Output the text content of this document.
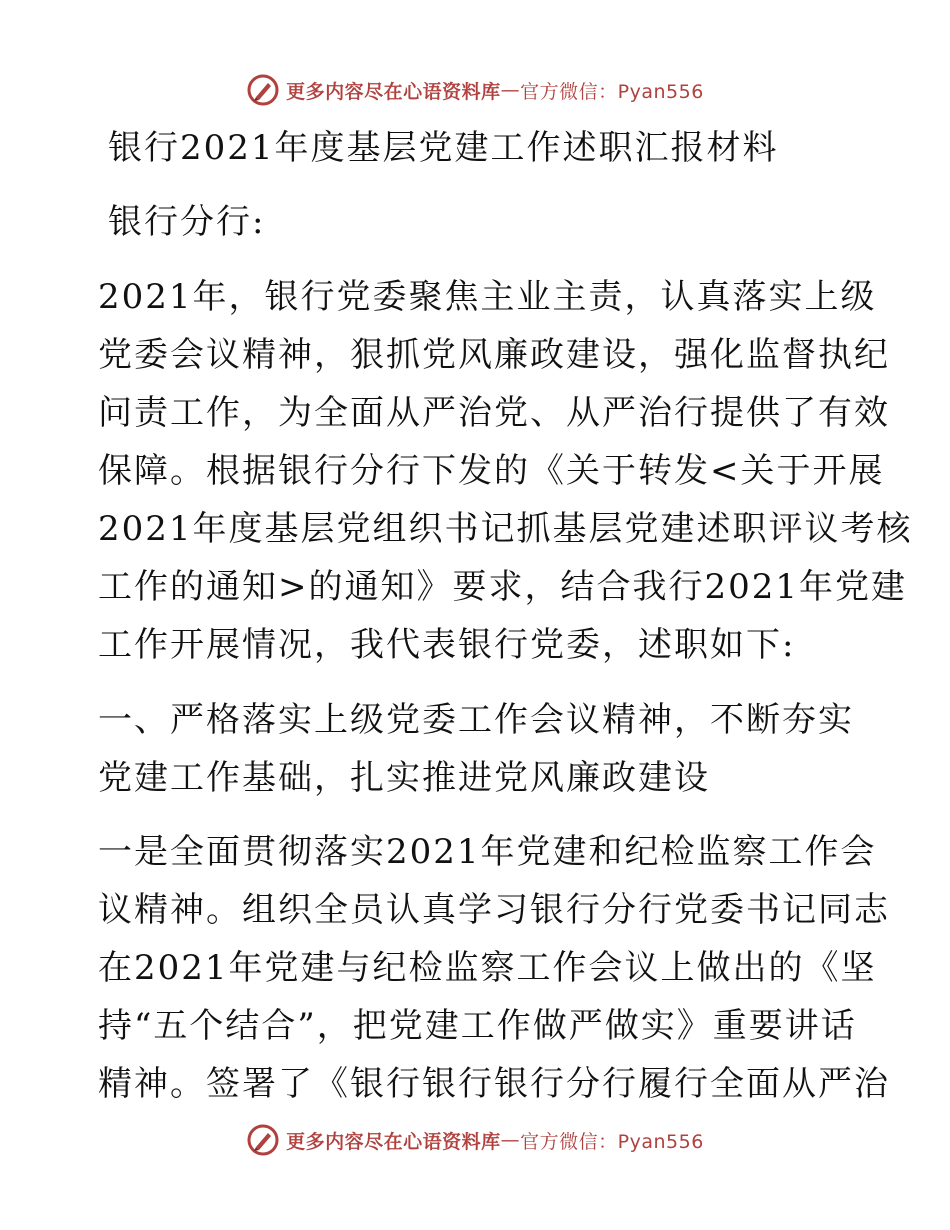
更多内容尽在心语资料库 — 官方微信：Pyan556
银行2021年度基层党建工作述职汇报材料
银行分行:
2021年，银行党委聚焦主业主责，认真落实上级
党委会议精神，狠抓党风廉政建设，强化监督执纪
问责工作，为全面从严治党、从严治行提供了有效
保障。根据银行分行下发的《关于转发<关于开展
2021年度基层党组织书记抓基层党建述职评议考核
工作的通知>的通知》要求，结合我行2021年党建
工作开展情况，我代表银行党委，述职如下:
一、严格落实上级党委工作会议精神，不断夯实
党建工作基础，扎实推进党风廉政建设
一是全面贯彻落实2021年党建和纪检监察工作会
议精神。组织全员认真学习银行分行党委书记同志
在2021年党建与纪检监察工作会议上做出的《坚
持“五个结合”，把党建工作做严做实》重要讲话
精神。签署了《银行银行银行分行履行全面从严治
更多内容尽在心语资料库 — 官方微信：Pyan556
